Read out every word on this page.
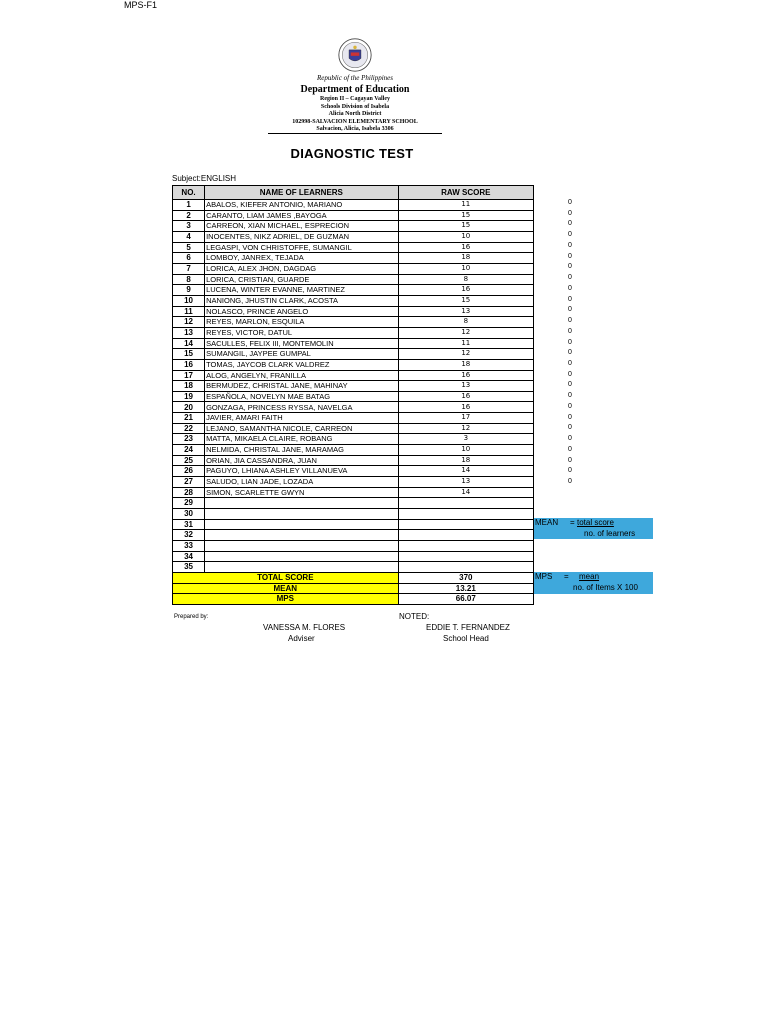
MPS-F1
Republic of the Philippines
Department of Education
Region II – Cagayan Valley
Schools Division of Isabela
Alicia North District
102998-SALVACION ELEMENTARY SCHOOL
Salvacion, Alicia, Isabela 3306
DIAGNOSTIC TEST
Subject:ENGLISH
NO.	NAME OF LEARNERS	RAW SCORE
1	ABALOS, KIEFER ANTONIO, MARIANO	11
2	CARANTO, LIAM JAMES ,BAYOGA	15
3	CARREON, XIAN MICHAEL, ESPRECION	15
4	INOCENTES, NIKZ ADRIEL, DE GUZMAN	10
5	LEGASPI, VON CHRISTOFFE, SUMANGIL	16
6	LOMBOY, JANREX, TEJADA	18
7	LORICA, ALEX JHON, DAGDAG	10
8	LORICA, CRISTIAN, GUARDE	8
9	LUCENA, WINTER EVANNE, MARTINEZ	16
10	NANIONG, JHUSTIN CLARK, ACOSTA	15
11	NOLASCO, PRINCE ANGELO	13
12	REYES, MARLON, ESQUILA	8
13	REYES, VICTOR, DATUL	12
14	SACULLES, FELIX III, MONTEMOLIN	11
15	SUMANGIL, JAYPEE GUMPAL	12
16	TOMAS, JAYCOB CLARK VALDREZ	18
17	ALOG, ANGELYN, FRANILLA	16
18	BERMUDEZ, CHRISTAL JANE, MAHINAY	13
19	ESPAÑOLA, NOVELYN MAE BATAG	16
20	GONZAGA, PRINCESS RYSSA, NAVELGA	16
21	JAVIER, AMARI FAITH	17
22	LEJANO, SAMANTHA NICOLE, CARREON	12
23	MATTA, MIKAELA CLAIRE, ROBANG	3
24	NELMIDA, CHRISTAL JANE, MARAMAG	10
25	ORIAN, JIA CASSANDRA, JUAN	18
26	PAGUYO, LHIANA ASHLEY VILLANUEVA	14
27	SALUDO, LIAN JADE, LOZADA	13
28	SIMON, SCARLETTE GWYN	14
29		
30		
31		
32		
33		
34		
35		
TOTAL SCORE		370
MEAN		13.21
MPS		66.07
0
0
0
0
0
0
0
0
0
0
0
0
0
0
0
0
0
0
0
0
0
0
0
0
0
0
0
MEAN = total score
no. of learners
MPS = mean
no. of Items X 100
Prepared by:	NOTED:
VANESSA M. FLORES
Adviser
EDDIE T. FERNANDEZ
School Head
